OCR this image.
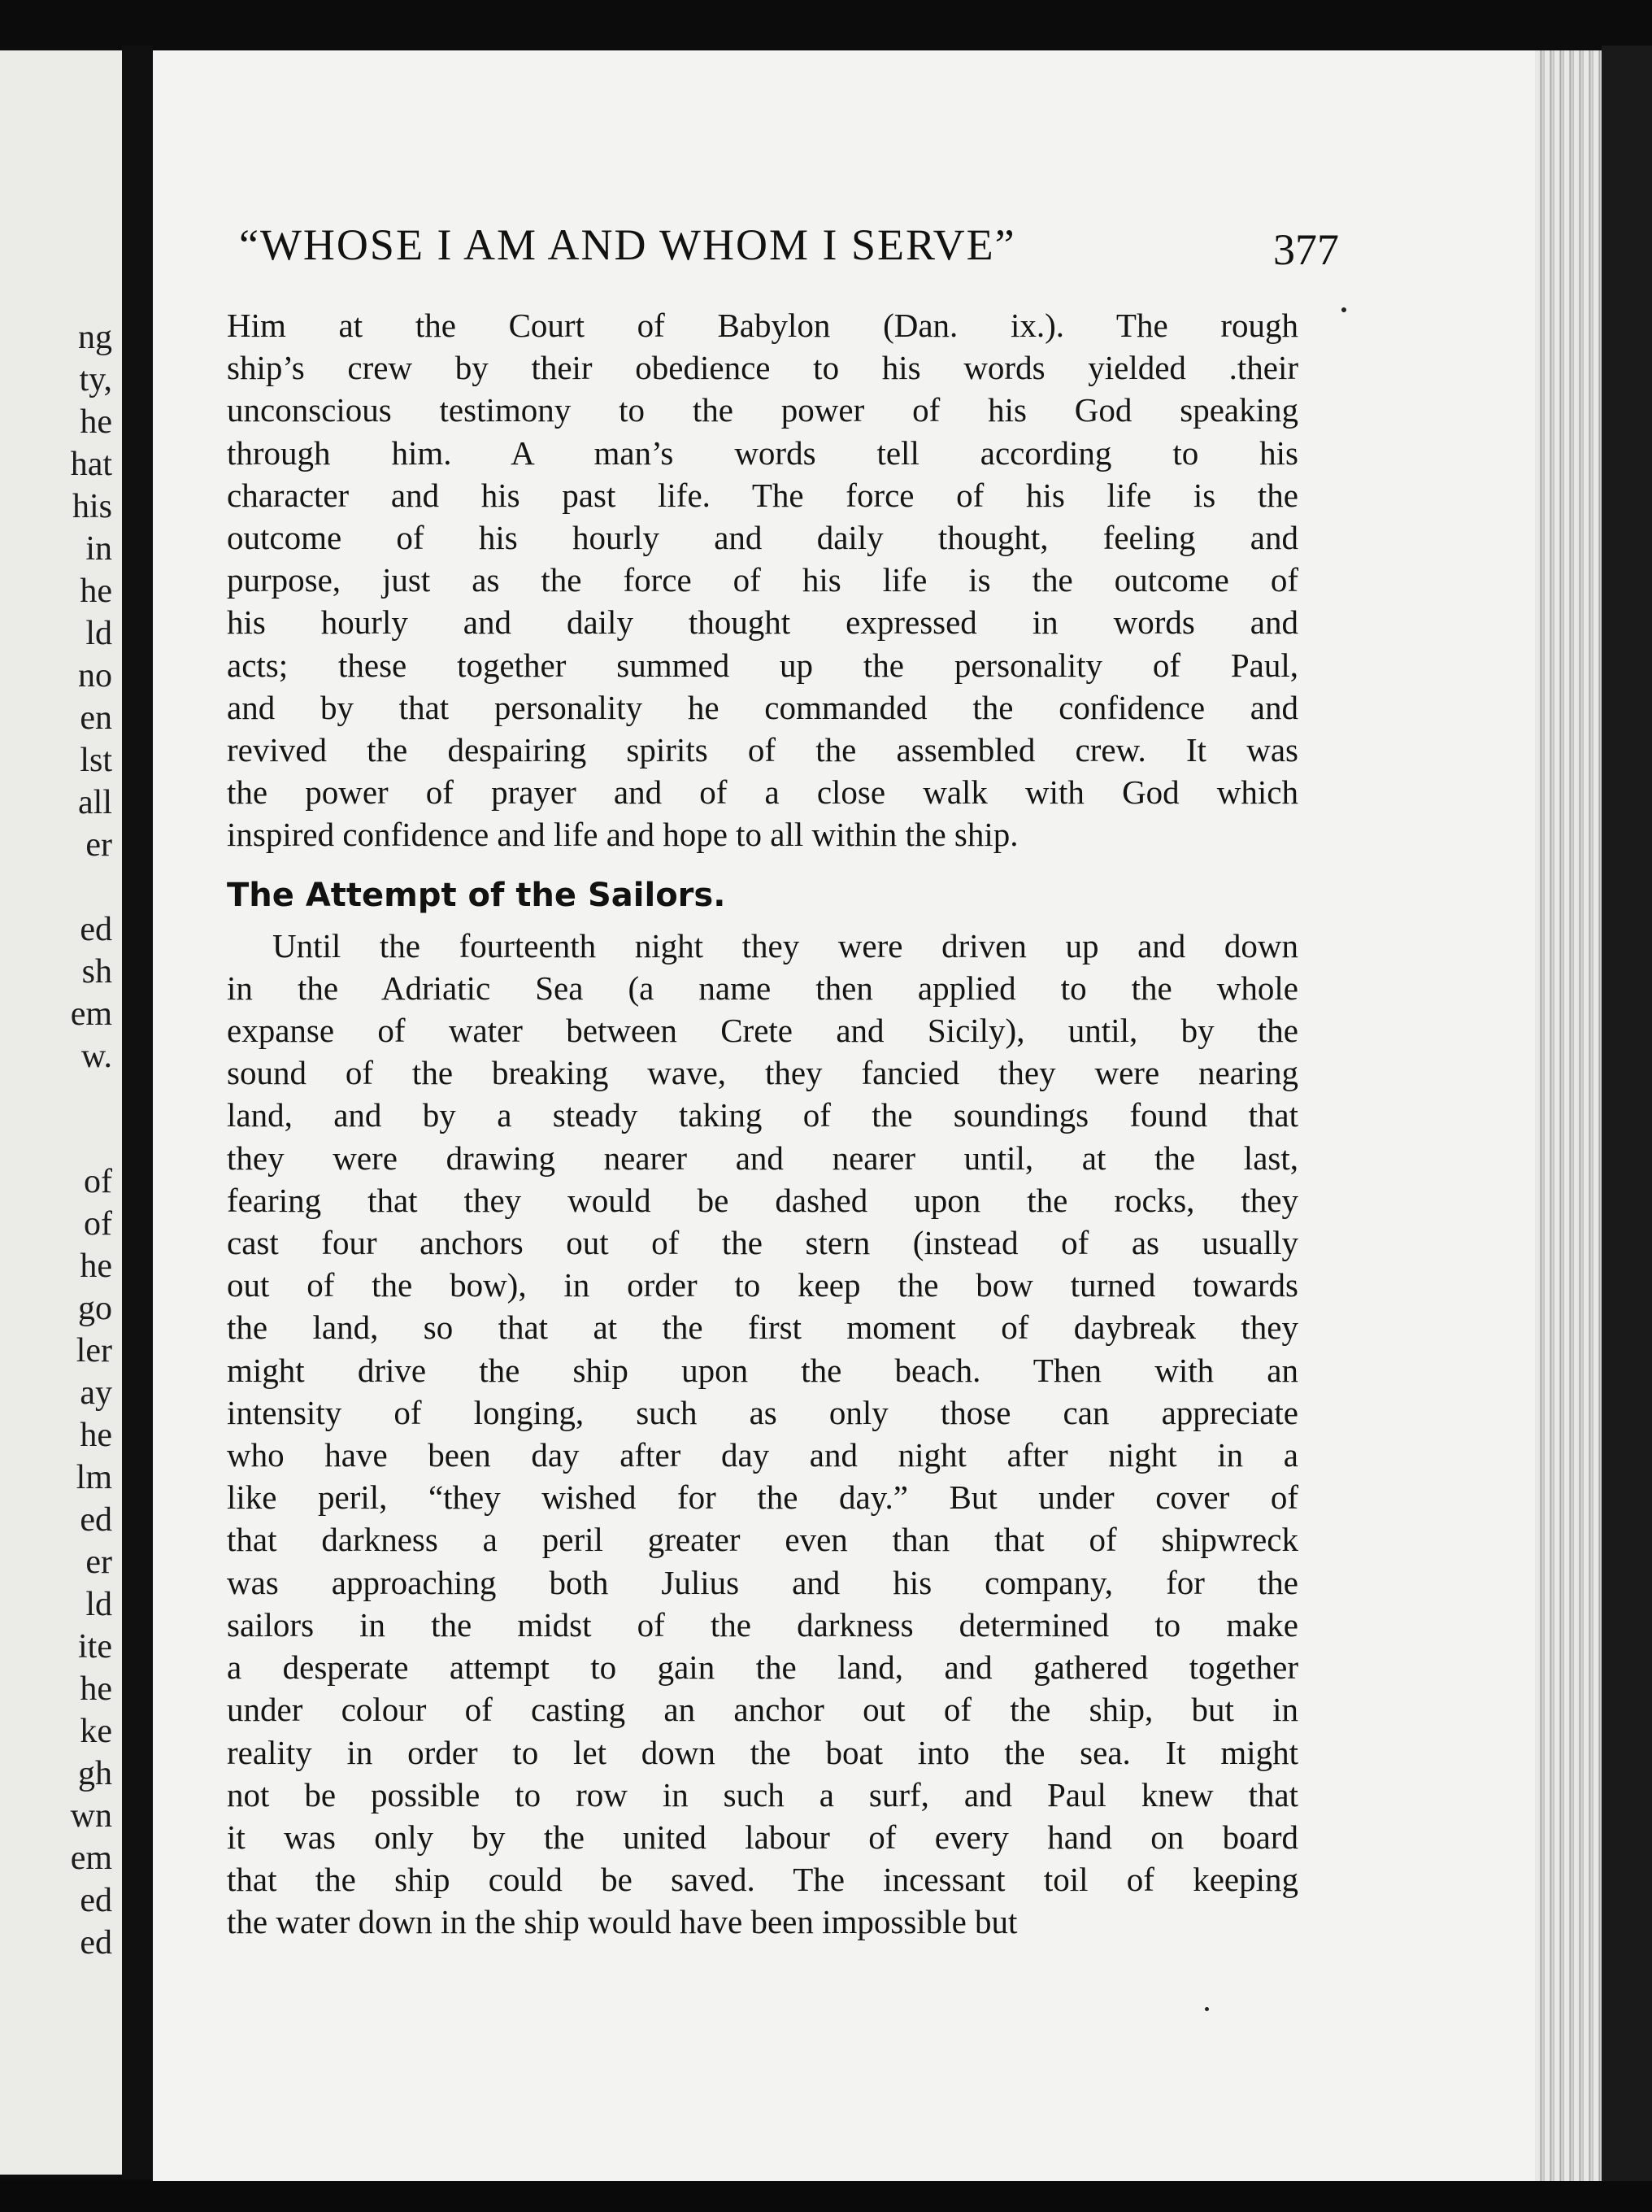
ng
ty,
he
hat
his
in
he
ld
no
en
lst
all
er
ed
sh
em
w.
of
of
he
go
ler
ay
he
lm
ed
er
ld
ite
he
ke
gh
wn
em
ed
ed
“WHOSE I AM AND WHOM I SERVE”	377
Him at the Court of Babylon (Dan. ix.). The rough
ship’s crew by their obedience to his words yielded .their
unconscious testimony to the power of his God speaking
through him. A man’s words tell according to his
character and his past life. The force of his life is the
outcome of his hourly and daily thought, feeling and
purpose, just as the force of his life is the outcome of
his hourly and daily thought expressed in words and
acts; these together summed up the personality of Paul,
and by that personality he commanded the confidence and
revived the despairing spirits of the assembled crew. It was
the power of prayer and of a close walk with God which
inspired confidence and life and hope to all within the ship.
The Attempt of the Sailors.
Until the fourteenth night they were driven up and down
in the Adriatic Sea (a name then applied to the whole
expanse of water between Crete and Sicily), until, by the
sound of the breaking wave, they fancied they were nearing
land, and by a steady taking of the soundings found that
they were drawing nearer and nearer until, at the last,
fearing that they would be dashed upon the rocks, they
cast four anchors out of the stern (instead of as usually
out of the bow), in order to keep the bow turned towards
the land, so that at the first moment of daybreak they
might drive the ship upon the beach. Then with an
intensity of longing, such as only those can appreciate
who have been day after day and night after night in a
like peril, “they wished for the day.” But under cover of
that darkness a peril greater even than that of shipwreck
was approaching both Julius and his company, for the
sailors in the midst of the darkness determined to make
a desperate attempt to gain the land, and gathered together
under colour of casting an anchor out of the ship, but in
reality in order to let down the boat into the sea. It might
not be possible to row in such a surf, and Paul knew that
it was only by the united labour of every hand on board
that the ship could be saved. The incessant toil of keeping
the water down in the ship would have been impossible but
